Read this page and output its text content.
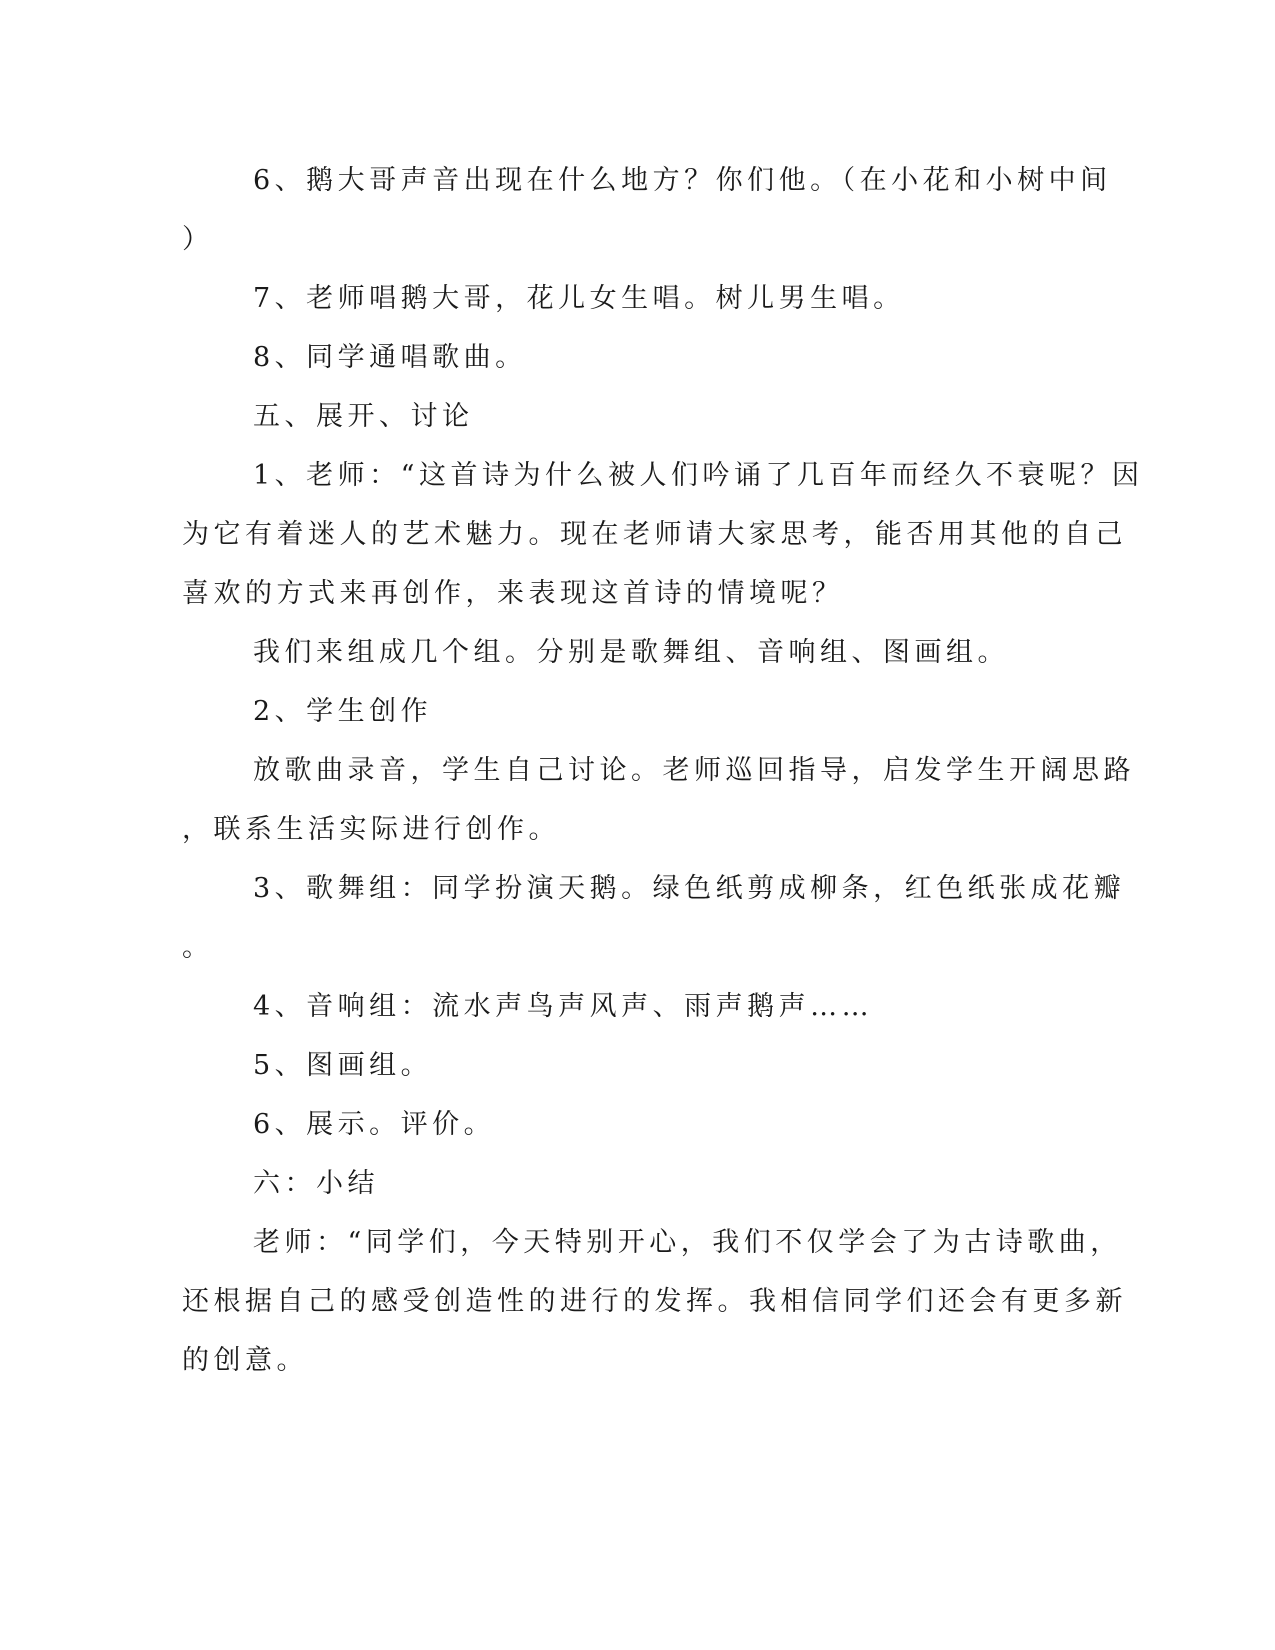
6、鹅大哥声音出现在什么地方？你们他。（在小花和小树中间
）
7、老师唱鹅大哥，花儿女生唱。树儿男生唱。
8、同学通唱歌曲。
五、展开、讨论
1、老师：“这首诗为什么被人们吟诵了几百年而经久不衰呢？因
为它有着迷人的艺术魅力。现在老师请大家思考，能否用其他的自己
喜欢的方式来再创作，来表现这首诗的情境呢？
我们来组成几个组。分别是歌舞组、音响组、图画组。
2、学生创作
放歌曲录音，学生自己讨论。老师巡回指导，启发学生开阔思路
，联系生活实际进行创作。
3、歌舞组：同学扮演天鹅。绿色纸剪成柳条，红色纸张成花瓣
。
4、音响组：流水声鸟声风声、雨声鹅声……
5、图画组。
6、展示。评价。
六：小结
老师：“同学们，今天特别开心，我们不仅学会了为古诗歌曲，
还根据自己的感受创造性的进行的发挥。我相信同学们还会有更多新
的创意。
